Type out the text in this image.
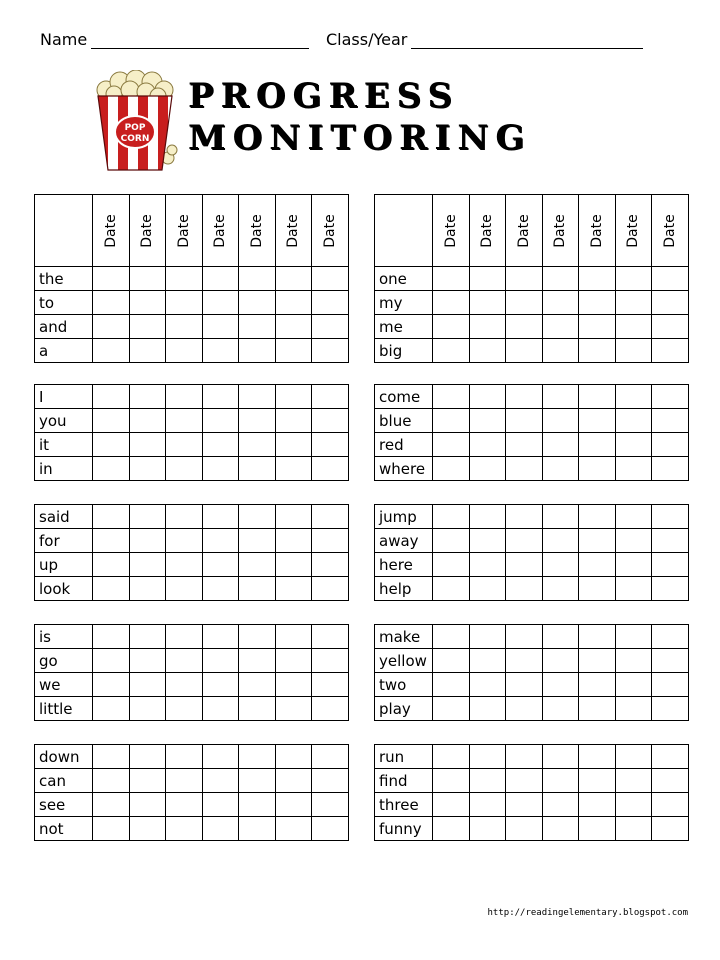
Name	Class/Year
POP
CORN
PROGRESS
MONITORING

	Date	Date	Date	Date	Date	Date	Date

the							
to							
and							
a							
I							
you							
it							
in							
said							
for							
up							
look							
is							
go							
we							
little							
down							
can							
see							
not							

	Date	Date	Date	Date	Date	Date	Date

one							
my							
me							
big							
come							
blue							
red							
where							
jump							
away							
here							
help							
make							
yellow							
two							
play							
run							
find							
three							
funny							
http://readingelementary.blogspot.com
